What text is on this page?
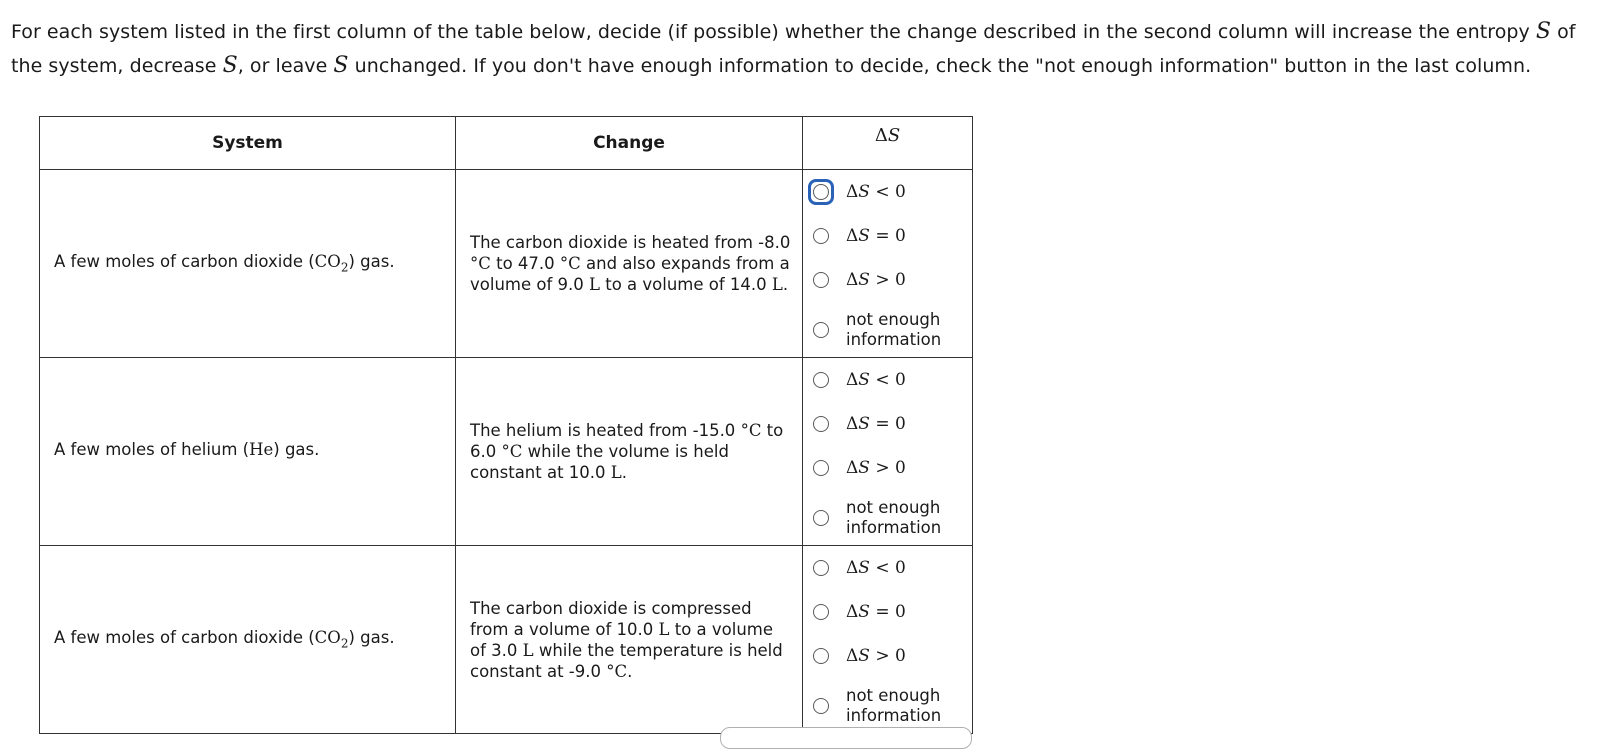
For each system listed in the first column of the table below, decide (if possible) whether the change described in the second column will increase the entropy S of the system, decrease S, or leave S unchanged. If you don't have enough information to decide, check the "not enough information" button in the last column.
System	Change	ΔS
A few moles of carbon dioxide $(CO_2)$ gas.	The carbon dioxide is heated from -8.0 °C to 47.0 °C and also expands from a volume of 9.0 L to a volume of 14.0 L.	ΔS < 0
ΔS = 0
ΔS > 0
not enough
information

A few moles of helium (He) gas.	The helium is heated from -15.0 °C to 6.0 °C while the volume is held constant at 10.0 L.	ΔS < 0
ΔS = 0
ΔS > 0
not enough
information

A few moles of carbon dioxide $(CO_2)$ gas.	The carbon dioxide is compressed from a volume of 10.0 L to a volume of 3.0 L while the temperature is held constant at -9.0 °C.	ΔS < 0
ΔS = 0
ΔS > 0
not enough
information
